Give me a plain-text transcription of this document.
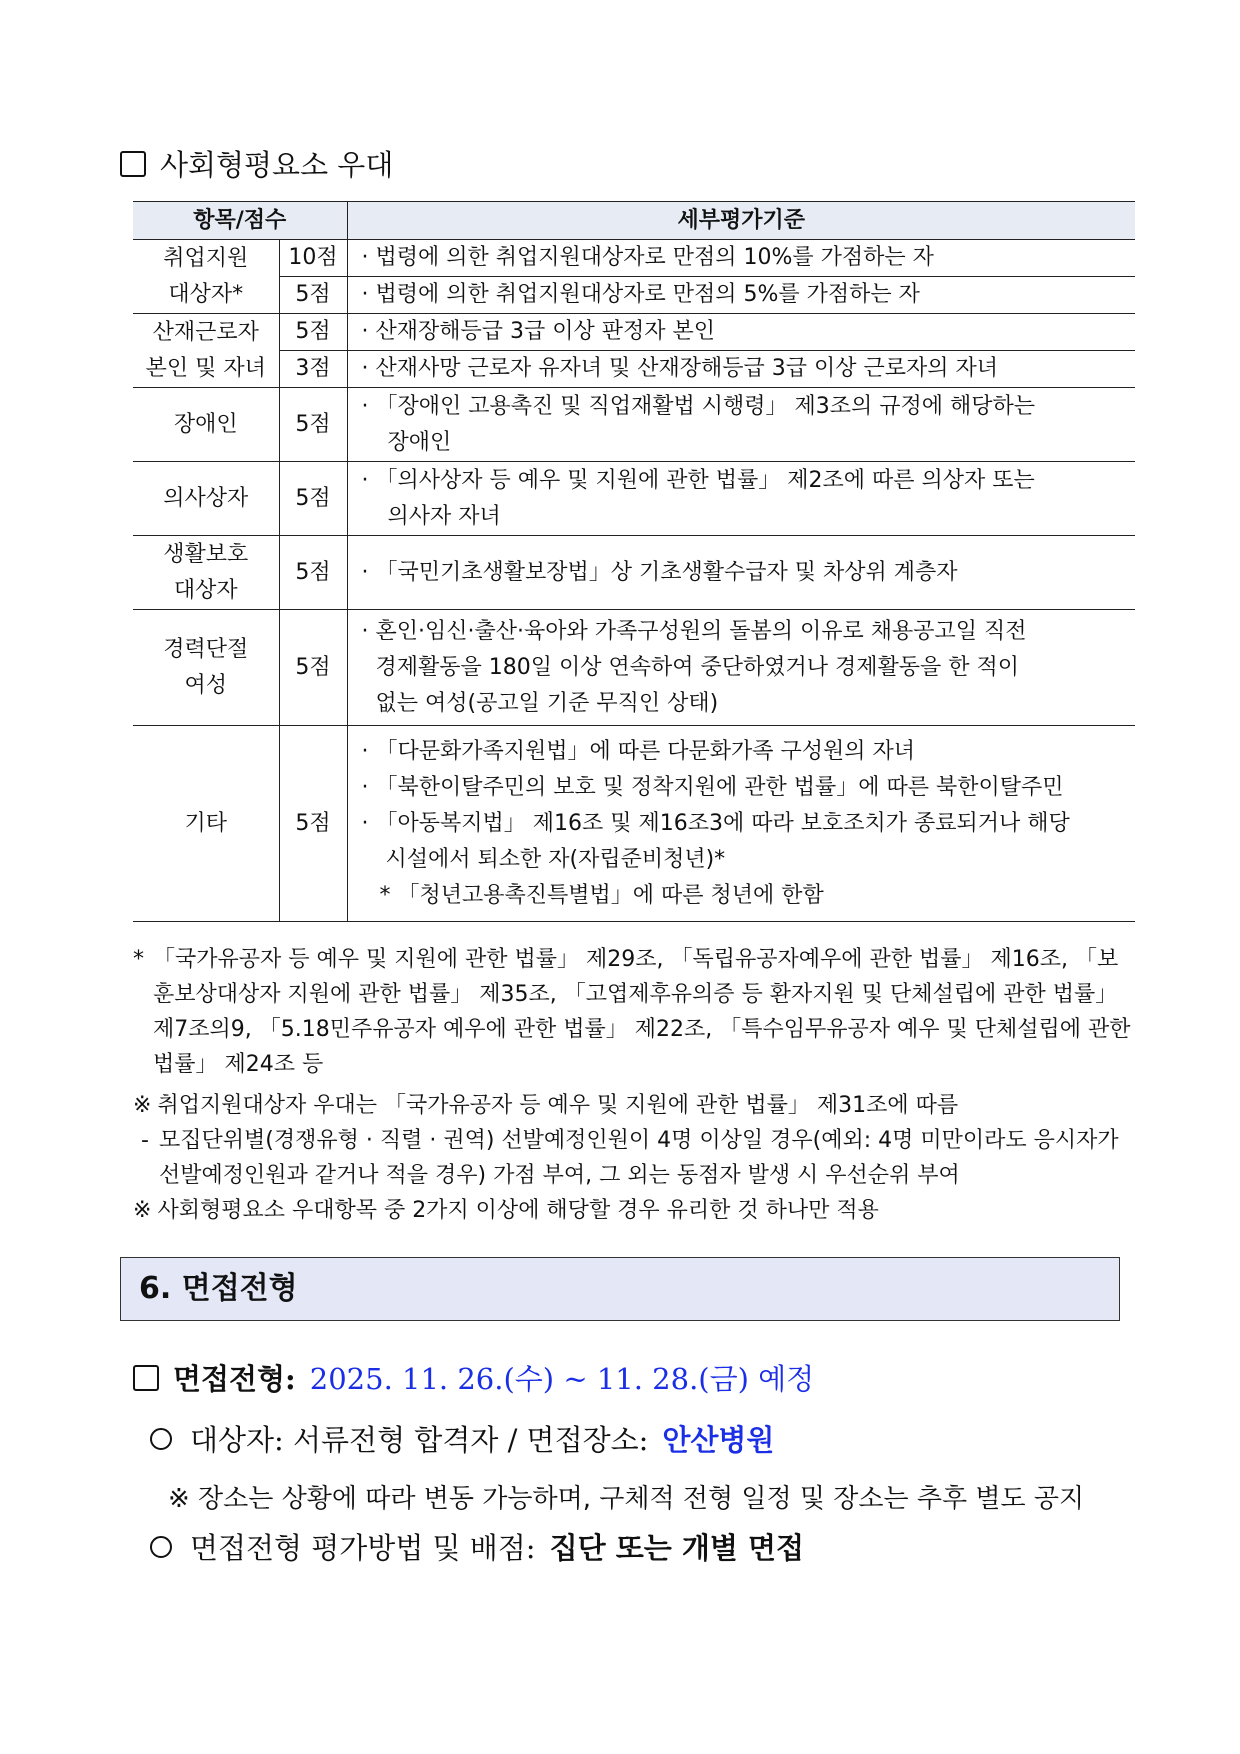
사회형평요소 우대
항목/점수		세부평가기준

취업지원
대상자*	10점	· 법령에 의한 취업지원대상자로 만점의 10%를 가점하는 자

	5점	· 법령에 의한 취업지원대상자로 만점의 5%를 가점하는 자

산재근로자
본인 및 자녀	5점	· 산재장해등급 3급 이상 판정자 본인

	3점	· 산재사망 근로자 유자녀 및 산재장해등급 3급 이상 근로자의 자녀

장애인	5점	· 「장애인 고용촉진 및 직업재활법 시행령」 제3조의 규정에 해당하는
장애인

의사상자	5점	· 「의사상자 등 예우 및 지원에 관한 법률」 제2조에 따른 의상자 또는
의사자 자녀

생활보호
대상자	5점	· 「국민기초생활보장법」상 기초생활수급자 및 차상위 계층자

경력단절
여성	5점	· 혼인·임신·출산·육아와 가족구성원의 돌봄의 이유로 채용공고일 직전
경제활동을 180일 이상 연속하여 중단하였거나 경제활동을 한 적이
없는 여성(공고일 기준 무직인 상태)

기타	5점	· 「다문화가족지원법」에 따른 다문화가족 구성원의 자녀
· 「북한이탈주민의 보호 및 정착지원에 관한 법률」에 따른 북한이탈주민
· 「아동복지법」 제16조 및 제16조3에 따라 보호조치가 종료되거나 해당
시설에서 퇴소한 자(자립준비청년)*
* 「청년고용촉진특별법」에 따른 청년에 한함
* 「국가유공자 등 예우 및 지원에 관한 법률」 제29조, 「독립유공자예우에 관한 법률」 제16조, 「보훈보상대상자 지원에 관한 법률」 제35조, 「고엽제후유의증 등 환자지원 및 단체설립에 관한 법률」 제7조의9, 「5.18민주유공자 예우에 관한 법률」 제22조, 「특수임무유공자 예우 및 단체설립에 관한 법률」 제24조 등
※ 취업지원대상자 우대는 「국가유공자 등 예우 및 지원에 관한 법률」 제31조에 따름
- 모집단위별(경쟁유형 · 직렬 · 권역) 선발예정인원이 4명 이상일 경우(예외: 4명 미만이라도 응시자가 선발예정인원과 같거나 적을 경우) 가점 부여, 그 외는 동점자 발생 시 우선순위 부여
※ 사회형평요소 우대항목 중 2가지 이상에 해당할 경우 유리한 것 하나만 적용
6. 면접전형
면접전형: 2025. 11. 26.(수) ~ 11. 28.(금) 예정
대상자: 서류전형 합격자 / 면접장소: 안산병원
※ 장소는 상황에 따라 변동 가능하며, 구체적 전형 일정 및 장소는 추후 별도 공지
면접전형 평가방법 및 배점: 집단 또는 개별 면접
